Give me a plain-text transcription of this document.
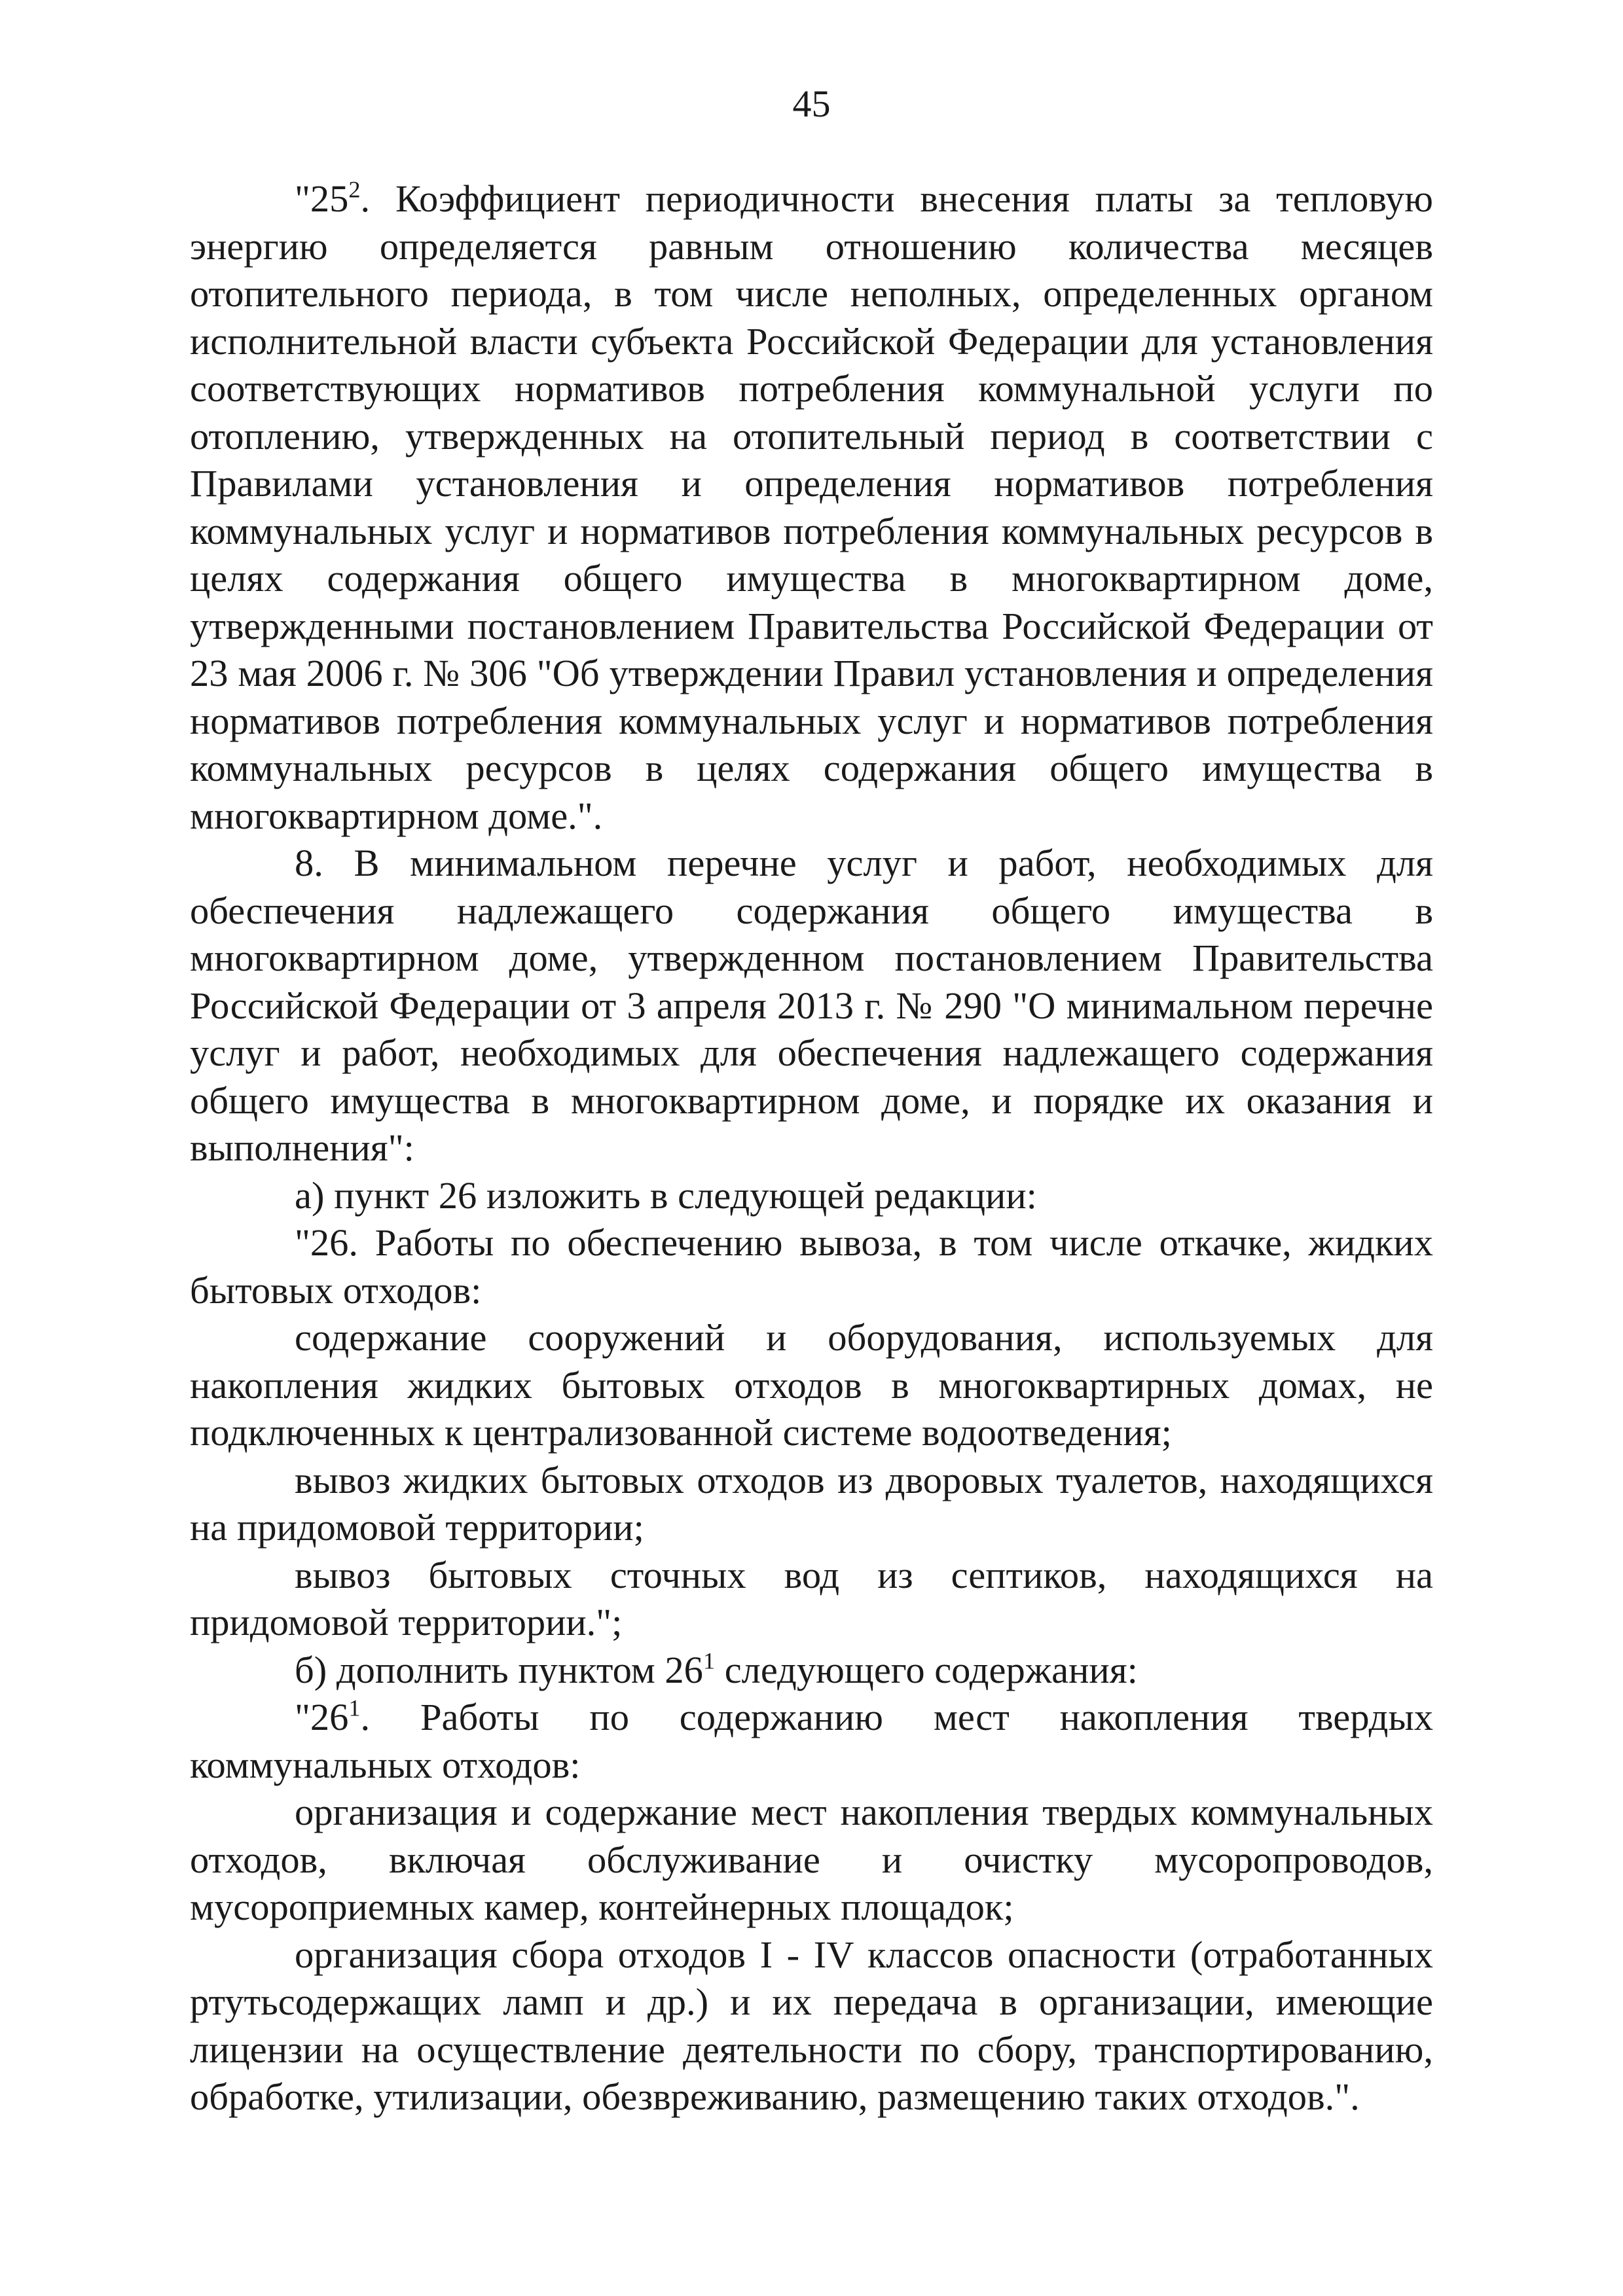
45

"$25^2$. Коэффициент периодичности внесения платы за тепловую энергию определяется равным отношению количества месяцев отопительного периода, в том числе неполных, определенных органом исполнительной власти субъекта Российской Федерации для установления соответствующих нормативов потребления коммунальной услуги по отоплению, утвержденных на отопительный период в соответствии с Правилами установления и определения нормативов потребления коммунальных услуг и нормативов потребления коммунальных ресурсов в целях содержания общего имущества в многоквартирном доме, утвержденными постановлением Правительства Российской Федерации от 23 мая 2006 г. № 306 "Об утверждении Правил установления и определения нормативов потребления коммунальных услуг и нормативов потребления коммунальных ресурсов в целях содержания общего имущества в многоквартирном доме.".

8. В минимальном перечне услуг и работ, необходимых для обеспечения надлежащего содержания общего имущества в многоквартирном доме, утвержденном постановлением Правительства Российской Федерации от 3 апреля 2013 г. № 290 "О минимальном перечне услуг и работ, необходимых для обеспечения надлежащего содержания общего имущества в многоквартирном доме, и порядке их оказания и выполнения":

а) пункт 26 изложить в следующей редакции:

"26. Работы по обеспечению вывоза, в том числе откачке, жидких бытовых отходов:

содержание сооружений и оборудования, используемых для накопления жидких бытовых отходов в многоквартирных домах, не подключенных к централизованной системе водоотведения;

вывоз жидких бытовых отходов из дворовых туалетов, находящихся на придомовой территории;

вывоз бытовых сточных вод из септиков, находящихся на придомовой территории.";

б) дополнить пунктом $26^1$ следующего содержания:

"$26^1$. Работы по содержанию мест накопления твердых коммунальных отходов:

организация и содержание мест накопления твердых коммунальных отходов, включая обслуживание и очистку мусоропроводов, мусороприемных камер, контейнерных площадок;

организация сбора отходов I - IV классов опасности (отработанных ртутьсодержащих ламп и др.) и их передача в организации, имеющие лицензии на осуществление деятельности по сбору, транспортированию, обработке, утилизации, обезвреживанию, размещению таких отходов.".
